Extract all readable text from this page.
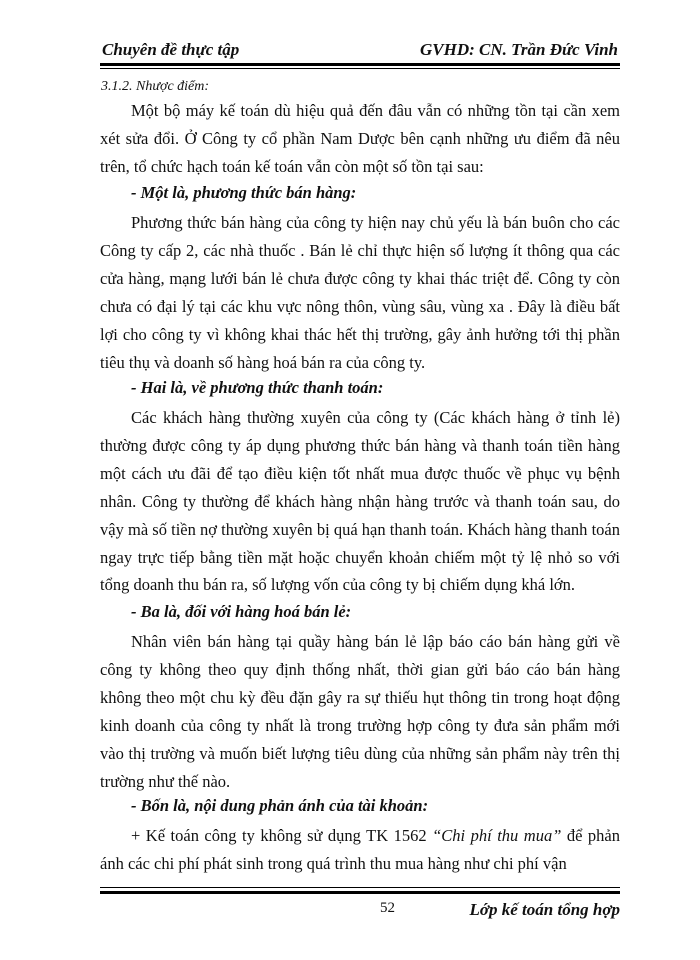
Chuyên đề thực tập	GVHD: CN. Trần Đức Vinh
3.1.2. Nhược điểm:

Một bộ máy kế toán dù hiệu quả đến đâu vẫn có những tồn tại cần xem xét sửa đổi. Ở Công ty cổ phần Nam Dược bên cạnh những ưu điểm đã nêu trên, tổ chức hạch toán kế toán vẫn còn một số tồn tại sau:

- Một là, phương thức bán hàng:

Phương thức bán hàng của công ty hiện nay chủ yếu là bán buôn cho các Công ty cấp 2, các nhà thuốc . Bán lẻ chỉ thực hiện số lượng ít thông qua các cửa hàng, mạng lưới bán lẻ chưa được công ty khai thác triệt để. Công ty còn chưa có đại lý tại các khu vực nông thôn, vùng sâu, vùng xa . Đây là điều bất lợi cho công ty vì không khai thác hết thị trường, gây ảnh hưởng tới thị phần tiêu thụ và doanh số hàng hoá bán ra của công ty.

- Hai là, về phương thức thanh toán:

Các khách hàng thường xuyên của công ty (Các khách hàng ở tỉnh lẻ) thường được công ty áp dụng phương thức bán hàng và thanh toán tiền hàng một cách ưu đãi để tạo điều kiện tốt nhất mua được thuốc về phục vụ bệnh nhân. Công ty thường để khách hàng nhận hàng trước và thanh toán sau, do vậy mà số tiền nợ thường xuyên bị quá hạn thanh toán. Khách hàng thanh toán ngay trực tiếp bằng tiền mặt hoặc chuyển khoản chiếm một tỷ lệ nhỏ so với tổng doanh thu bán ra, số lượng vốn của công ty bị chiếm dụng khá lớn.

- Ba là, đối với hàng hoá bán lẻ:

Nhân viên bán hàng tại quầy hàng bán lẻ lập báo cáo bán hàng gửi về công ty không theo quy định thống nhất, thời gian gửi báo cáo bán hàng không theo một chu kỳ đều đặn gây ra sự thiếu hụt thông tin trong hoạt động kinh doanh của công ty nhất là trong trường hợp công ty đưa sản phẩm mới vào thị trường và muốn biết lượng tiêu dùng của những sản phẩm này trên thị trường như thế nào.

- Bốn là, nội dung phản ánh của tài khoản:

+ Kế toán công ty không sử dụng TK 1562 “Chi phí thu mua” để phản ánh các chi phí phát sinh trong quá trình thu mua hàng như chi phí vận

52	Lớp kế toán tổng hợp
